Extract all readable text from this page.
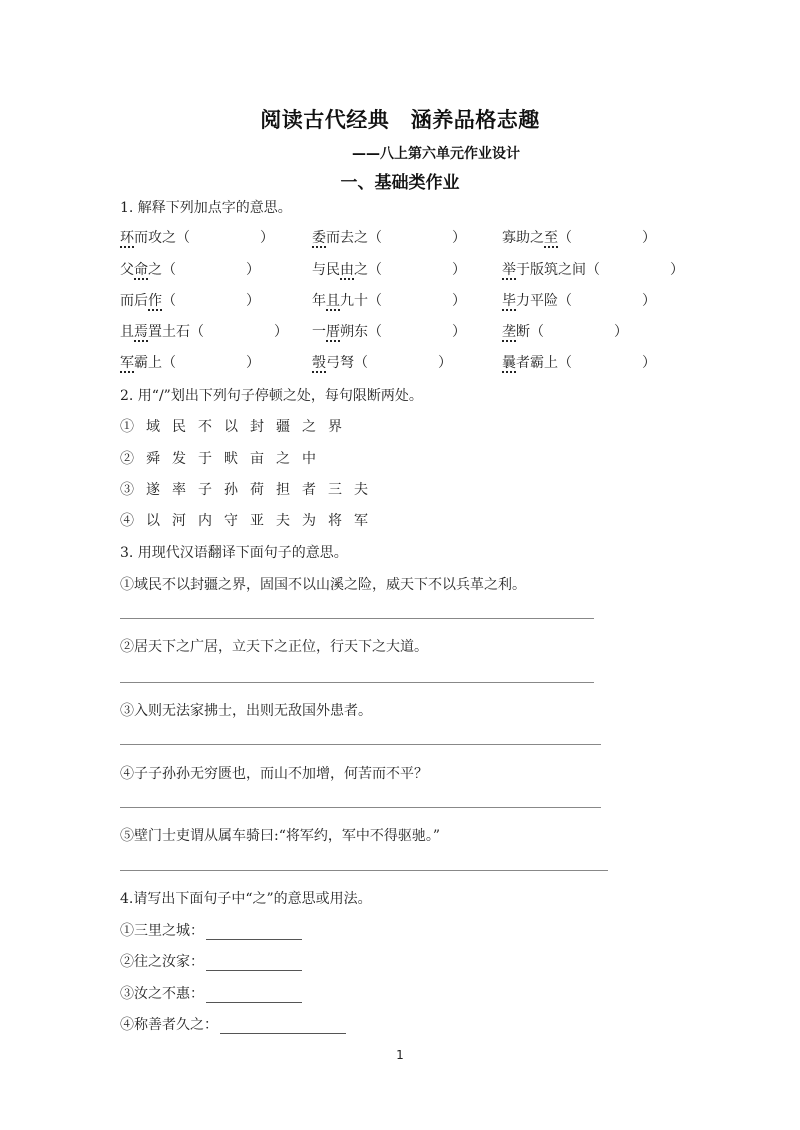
阅读古代经典　涵养品格志趣
——八上第六单元作业设计
一、基础类作业
1. 解释下列加点字的意思。
环而攻之（　　　　　）	委而去之（　　　　　）	寡助之至（　　　　　）
父命之（　　　　　）	与民由之（　　　　　）	举于版筑之间（　　　　　）
而后作（　　　　　）	年且九十（　　　　　）	毕力平险（　　　　　）
且焉置土石（　　　　　） 一厝朔东（　　　　　）	垄断（　　　　　）
军霸上（　　　　　）	彀弓弩（　　　　　）	曩者霸上（　　　　　）
2. 用“/”划出下列句子停顿之处，每句限断两处。
①域民不以封疆之界
②舜发于畎亩之中
③遂率子孙荷担者三夫
④以河内守亚夫为将军
3. 用现代汉语翻译下面句子的意思。
①域民不以封疆之界，固国不以山溪之险，威天下不以兵革之利。
②居天下之广居，立天下之正位，行天下之大道。
③入则无法家拂士，出则无敌国外患者。
④子子孙孙无穷匮也，而山不加增，何苦而不平？
⑤壁门士吏谓从属车骑曰:“将军约，军中不得驱驰。”
4.请写出下面句子中“之”的意思或用法。
①三里之城：
②往之汝家：
③汝之不惠：
④称善者久之：
1
